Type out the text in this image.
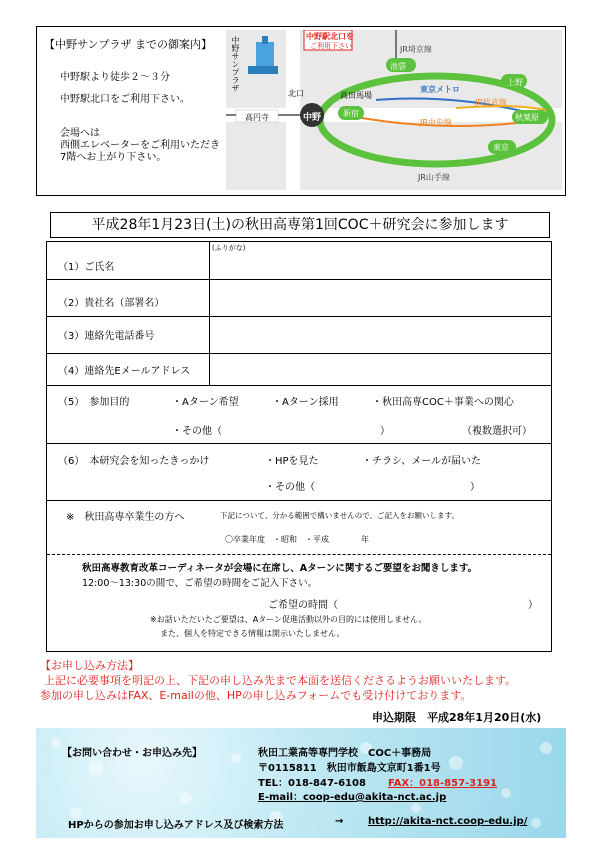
【中野サンプラザ までの御案内】
中野駅より徒歩２～３分
中野駅北口をご利用下さい。
会場へは
西側エレベーターをご利用いただき
7階へお上がり下さい。
中野サンプラザ	中野駅北口を
ご利用下さい	JR埼京線
北口
中野
池袋
上野
高円寺
高田馬場
東京メトロ
JR総武線
JR中央線
新宿	秋葉原
東京
JR山手線
平成28年1月23日(土)の秋田高専第1回COC＋研究会に参加します
（1）ご氏名
(ふりがな)
（2）貴社名（部署名）
（3）連絡先電話番号
（4）連絡先Eメールアドレス
（5）　参加目的	・Aターン希望	・Aターン採用	・秋田高専COC＋事業への関心
・その他（	）	（複数選択可）
（6）　本研究会を知ったきっかけ	・HPを見た	・チラシ、メールが届いた
・その他（	）
※　秋田高専卒業生の方へ	下記について、分かる範囲で構いませんので、ご記入をお願いします。
〇卒業年度　・昭和　・平成　　　　年
秋田高専教育改革コーディネータが会場に在席し、Aターンに関するご要望をお聞きします。
12:00～13:30の間で、ご希望の時間をご記入下さい。
ご希望の時間（	）
※お話いただいたご要望は、Aターン促進活動以外の目的には使用しません。
また、個人を特定できる情報は開示いたしません。
【お申し込み方法】
上記に必要事項を明記の上、下記の申し込み先まで本面を送信くださるようお願いいたします。
参加の申し込みはFAX、E-mailの他、HPの申し込みフォームでも受け付けております。
申込期限　平成28年1月20日(水)
【お問い合わせ・お申込み先】	秋田工業高等専門学校　COC＋事務局
〒0115811　秋田市飯島文京町1番1号
TEL：018-847-6108 FAX：018-857-3191
E-mail：coop-edu@akita-nct.ac.jp
HPからの参加お申し込みアドレス及び検索方法	→ http://akita-nct.coop-edu.jp/
